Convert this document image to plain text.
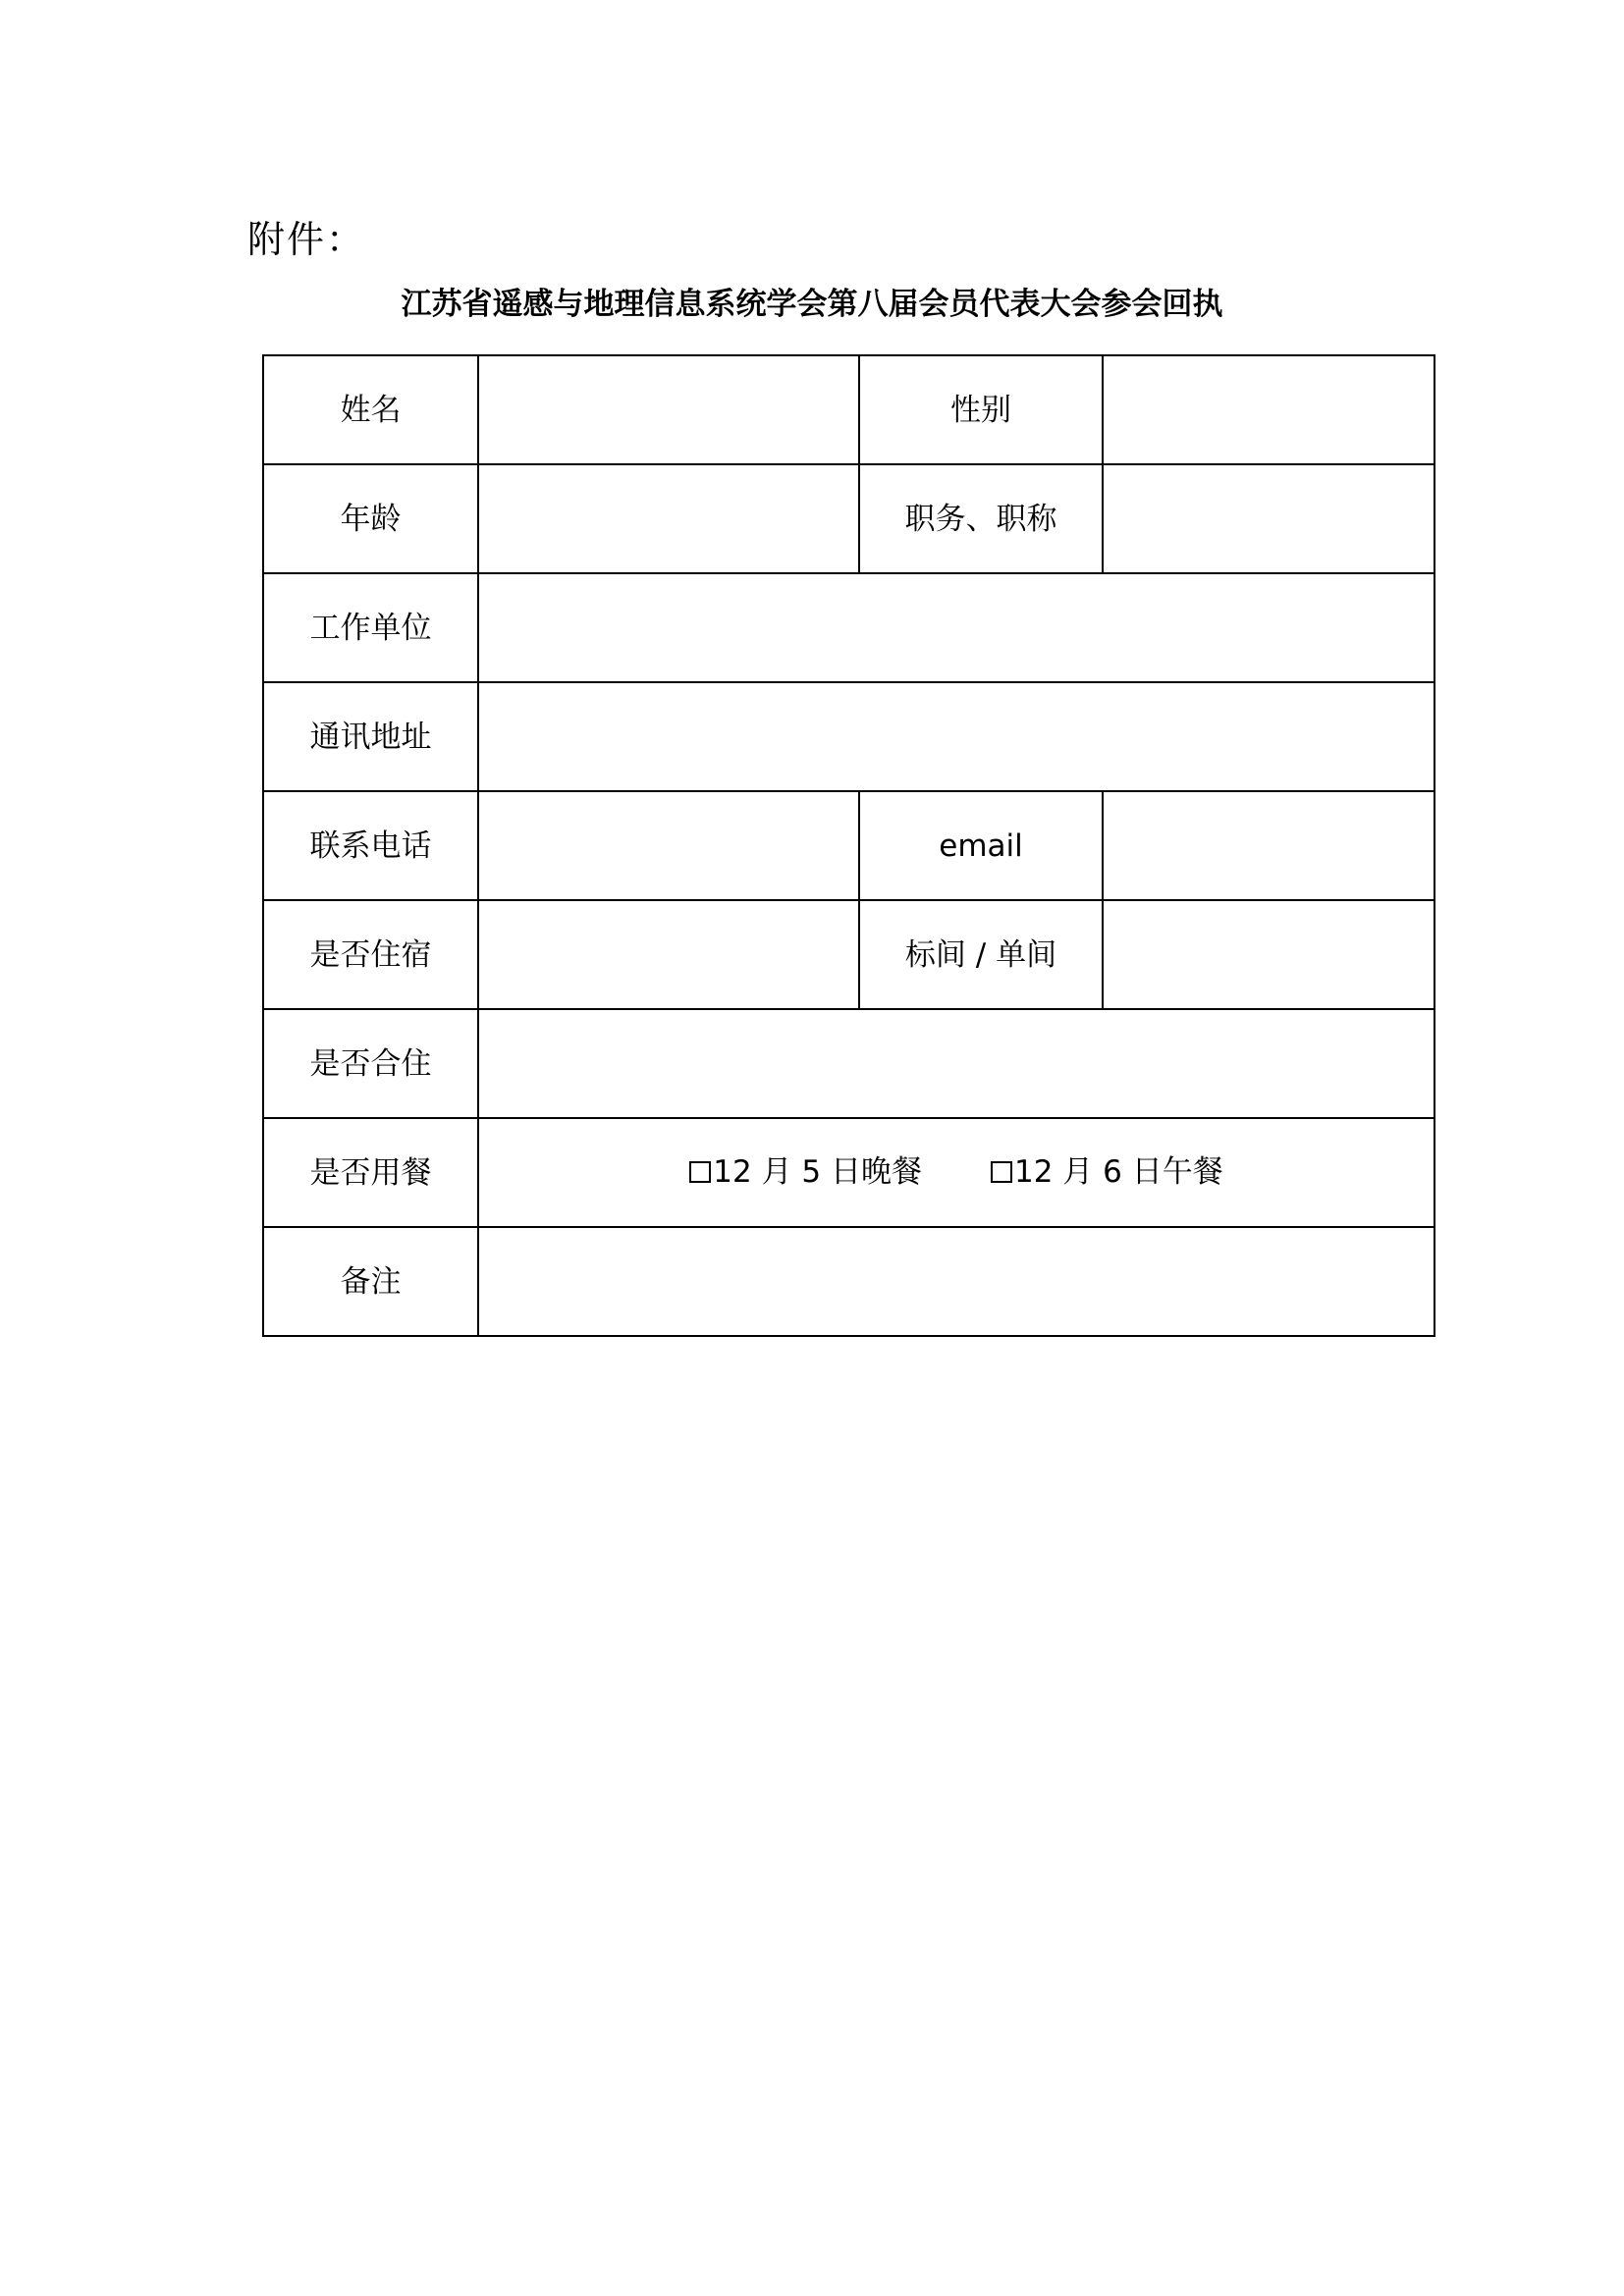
附件：
江苏省遥感与地理信息系统学会第八届会员代表大会参会回执
姓名		性别	
年龄		职务、职称	
工作单位			
通讯地址			
联系电话		email	
是否住宿		标间 / 单间	
是否合住			
是否用餐	12 月 5 日晚餐 12 月 6 日午餐		

备注			
